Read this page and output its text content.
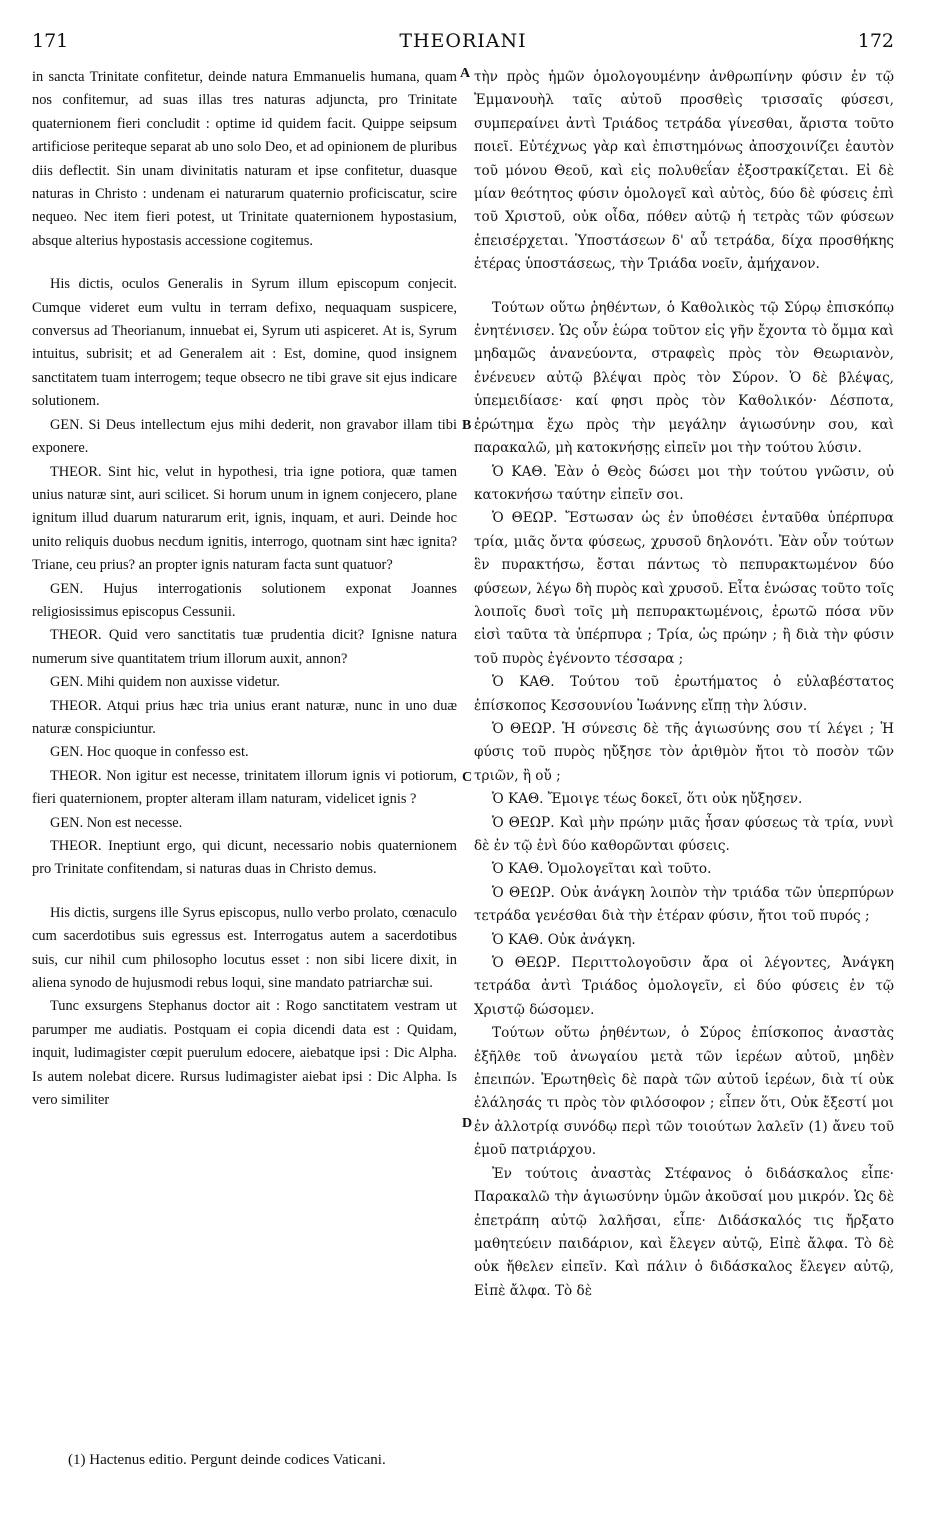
171	THEORIANI	172

in sancta Trinitate confitetur, deinde natura Emmanuelis humana, quam nos confitemur, ad suas illas tres naturas adjuncta, pro Trinitate quaternionem fieri concludit : optime id quidem facit. Quippe seipsum artificiose periteque separat ab uno solo Deo, et ad opinionem de pluribus diis deflectit. Sin unam divinitatis naturam et ipse confitetur, duasque naturas in Christo : undenam ei naturarum quaternio proficiscatur, scire nequeo. Nec item fieri potest, ut Trinitate quaternionem hypostasium, absque alterius hypostasis accessione cogitemus.

His dictis, oculos Generalis in Syrum illum episcopum conjecit. Cumque videret eum vultu in terram defixo, nequaquam suspicere, conversus ad Theorianum, innuebat ei, Syrum uti aspiceret. At is, Syrum intuitus, subrisit; et ad Generalem ait : Est, domine, quod insignem sanctitatem tuam interrogem; teque obsecro ne tibi grave sit ejus indicare solutionem.

GEN. Si Deus intellectum ejus mihi dederit, non gravabor illam tibi exponere.

THEOR. Sint hic, velut in hypothesi, tria igne potiora, quæ tamen unius naturæ sint, auri scilicet. Si horum unum in ignem conjecero, plane ignitum illud duarum naturarum erit, ignis, inquam, et auri. Deinde hoc unito reliquis duobus necdum ignitis, interrogo, quotnam sint hæc ignita? Triane, ceu prius? an propter ignis naturam facta sunt quatuor?

GEN. Hujus interrogationis solutionem exponat Joannes religiosissimus episcopus Cessunii.

THEOR. Quid vero sanctitatis tuæ prudentia dicit? Ignisne natura numerum sive quantitatem trium illorum auxit, annon?

GEN. Mihi quidem non auxisse videtur.

THEOR. Atqui prius hæc tria unius erant naturæ, nunc in uno duæ naturæ conspiciuntur.

GEN. Hoc quoque in confesso est.

THEOR. Non igitur est necesse, trinitatem illorum ignis vi potiorum, fieri quaternionem, propter alteram illam naturam, videlicet ignis ?

GEN. Non est necesse.

THEOR. Ineptiunt ergo, qui dicunt, necessario nobis quaternionem pro Trinitate confitendam, si naturas duas in Christo demus.

His dictis, surgens ille Syrus episcopus, nullo verbo prolato, cœnaculo cum sacerdotibus suis egressus est. Interrogatus autem a sacerdotibus suis, cur nihil cum philosopho locutus esset : non sibi licere dixit, in aliena synodo de hujusmodi rebus loqui, sine mandato patriarchæ sui.

Tunc exsurgens Stephanus doctor ait : Rogo sanctitatem vestram ut parumper me audiatis. Postquam ei copia dicendi data est : Quidam, inquit, ludimagister cœpit puerulum edocere, aiebatque ipsi : Dic Alpha. Is autem nolebat dicere. Rursus ludimagister aiebat ipsi : Dic Alpha. Is vero similiter

τὴν πρὸς ἡμῶν ὁμολογουμένην ἀνθρωπίνην φύσιν ἐν τῷ Ἐμμανουὴλ ταῖς αὐτοῦ προσθεὶς τρισσαῖς φύσεσι, συμπεραίνει ἀντὶ Τριάδος τετράδα γίνεσθαι, ἄριστα τοῦτο ποιεῖ. Εὐτέχνως γὰρ καὶ ἐπιστημόνως ἀποσχοινίζει ἑαυτὸν τοῦ μόνου Θεοῦ, καὶ εἰς πολυθεΐαν ἐξοστρακίζεται. Εἰ δὲ μίαν θεότητος φύσιν ὁμολογεῖ καὶ αὐτὸς, δύο δὲ φύσεις ἐπὶ τοῦ Χριστοῦ, οὐκ οἶδα, πόθεν αὐτῷ ἡ τετρὰς τῶν φύσεων ἐπεισέρχεται. Ὑποστάσεων δ' αὖ τετράδα, δίχα προσθήκης ἑτέρας ὑποστάσεως, τὴν Τριάδα νοεῖν, ἀμήχανον.

Τούτων οὕτω ῥηθέντων, ὁ Καθολικὸς τῷ Σύρῳ ἐπισκόπῳ ἐνητένισεν. Ὡς οὖν ἑώρα τοῦτον εἰς γῆν ἔχοντα τὸ ὄμμα καὶ μηδαμῶς ἀνανεύοντα, στραφεὶς πρὸς τὸν Θεωριανὸν, ἐνένευεν αὐτῷ βλέψαι πρὸς τὸν Σύρον. Ὁ δὲ βλέψας, ὑπεμειδίασε· καί φησι πρὸς τὸν Καθολικόν· Δέσποτα, ἐρώτημα ἔχω πρὸς τὴν μεγάλην ἁγιωσύνην σου, καὶ παρακαλῶ, μὴ κατοκνήσῃς εἰπεῖν μοι τὴν τούτου λύσιν.

Ὁ ΚΑΘ. Ἐὰν ὁ Θεὸς δώσει μοι τὴν τούτου γνῶσιν, οὐ κατοκνήσω ταύτην εἰπεῖν σοι.

Ὁ ΘΕΩΡ. Ἔστωσαν ὡς ἐν ὑποθέσει ἐνταῦθα ὑπέρπυρα τρία, μιᾶς ὄντα φύσεως, χρυσοῦ δηλονότι. Ἐὰν οὖν τούτων ἓν πυρακτήσω, ἔσται πάντως τὸ πεπυρακτωμένον δύο φύσεων, λέγω δὴ πυρὸς καὶ χρυσοῦ. Εἶτα ἑνώσας τοῦτο τοῖς λοιποῖς δυσὶ τοῖς μὴ πεπυρακτωμένοις, ἐρωτῶ πόσα νῦν εἰσὶ ταῦτα τὰ ὑπέρπυρα ; Τρία, ὡς πρώην ; ἢ διὰ τὴν φύσιν τοῦ πυρὸς ἐγένοντο τέσσαρα ;

Ὁ ΚΑΘ. Τούτου τοῦ ἐρωτήματος ὁ εὐλαβέστατος ἐπίσκοπος Κεσσουνίου Ἰωάννης εἴπῃ τὴν λύσιν.

Ὁ ΘΕΩΡ. Ἡ σύνεσις δὲ τῆς ἁγιωσύνης σου τί λέγει ; Ἡ φύσις τοῦ πυρὸς ηὔξησε τὸν ἀριθμὸν ἤτοι τὸ ποσὸν τῶν τριῶν, ἢ οὔ ;

Ὁ ΚΑΘ. Ἔμοιγε τέως δοκεῖ, ὅτι οὐκ ηὔξησεν.

Ὁ ΘΕΩΡ. Καὶ μὴν πρώην μιᾶς ἦσαν φύσεως τὰ τρία, νυνὶ δὲ ἐν τῷ ἑνὶ δύο καθορῶνται φύσεις.

Ὁ ΚΑΘ. Ὁμολογεῖται καὶ τοῦτο.

Ὁ ΘΕΩΡ. Οὐκ ἀνάγκη λοιπὸν τὴν τριάδα τῶν ὑπερπύρων τετράδα γενέσθαι διὰ τὴν ἑτέραν φύσιν, ἤτοι τοῦ πυρός ;

Ὁ ΚΑΘ. Οὐκ ἀνάγκη.

Ὁ ΘΕΩΡ. Περιττολογοῦσιν ἄρα οἱ λέγοντες, Ἀνάγκη τετράδα ἀντὶ Τριάδος ὁμολογεῖν, εἰ δύο φύσεις ἐν τῷ Χριστῷ δώσομεν.

Τούτων οὕτω ῥηθέντων, ὁ Σύρος ἐπίσκοπος ἀναστὰς ἐξῆλθε τοῦ ἀνωγαίου μετὰ τῶν ἱερέων αὐτοῦ, μηδὲν ἐπειπών. Ἐρωτηθεὶς δὲ παρὰ τῶν αὐτοῦ ἱερέων, διὰ τί οὐκ ἐλάλησάς τι πρὸς τὸν φιλόσοφον ; εἶπεν ὅτι, Οὐκ ἔξεστί μοι ἐν ἀλλοτρίᾳ συνόδῳ περὶ τῶν τοιούτων λαλεῖν (1) ἄνευ τοῦ ἐμοῦ πατριάρχου.

Ἐν τούτοις ἀναστὰς Στέφανος ὁ διδάσκαλος εἶπε· Παρακαλῶ τὴν ἁγιωσύνην ὑμῶν ἀκοῦσαί μου μικρόν. Ὡς δὲ ἐπετράπη αὐτῷ λαλῆσαι, εἶπε· Διδάσκαλός τις ἤρξατο μαθητεύειν παιδάριον, καὶ ἔλεγεν αὐτῷ, Εἰπὲ ἄλφα. Τὸ δὲ οὐκ ἤθελεν εἰπεῖν. Καὶ πάλιν ὁ διδάσκαλος ἔλεγεν αὐτῷ, Εἰπὲ ἄλφα. Τὸ δὲ

A
B
C
D
(1) Hactenus editio. Pergunt deinde codices Vaticani.
